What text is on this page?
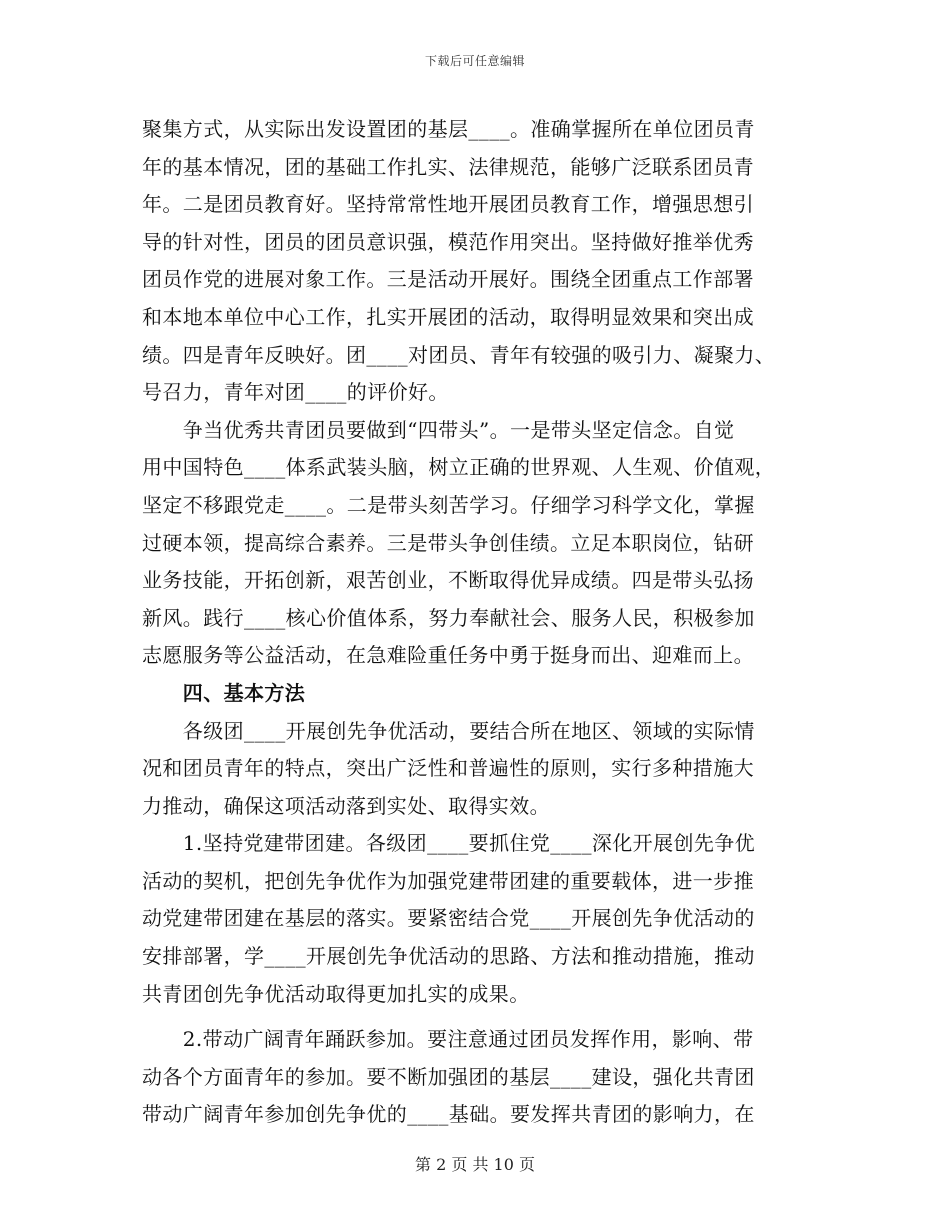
下载后可任意编辑
聚集方式，从实际出发设置团的基层____。准确掌握所在单位团员青
年的基本情况，团的基础工作扎实、法律规范，能够广泛联系团员青
年。二是团员教育好。坚持常常性地开展团员教育工作，增强思想引
导的针对性，团员的团员意识强，模范作用突出。坚持做好推举优秀
团员作党的进展对象工作。三是活动开展好。围绕全团重点工作部署
和本地本单位中心工作，扎实开展团的活动，取得明显效果和突出成
绩。四是青年反映好。团____对团员、青年有较强的吸引力、凝聚力、
号召力，青年对团____的评价好。
　　争当优秀共青团员要做到“四带头”。一是带头坚定信念。自觉
用中国特色____体系武装头脑，树立正确的世界观、人生观、价值观，
坚定不移跟党走____。二是带头刻苦学习。仔细学习科学文化，掌握
过硬本领，提高综合素养。三是带头争创佳绩。立足本职岗位，钻研
业务技能，开拓创新，艰苦创业，不断取得优异成绩。四是带头弘扬
新风。践行____核心价值体系，努力奉献社会、服务人民，积极参加
志愿服务等公益活动，在急难险重任务中勇于挺身而出、迎难而上。
　　四、基本方法
　　各级团____开展创先争优活动，要结合所在地区、领域的实际情
况和团员青年的特点，突出广泛性和普遍性的原则，实行多种措施大
力推动，确保这项活动落到实处、取得实效。
　　1.坚持党建带团建。各级团____要抓住党____深化开展创先争优
活动的契机，把创先争优作为加强党建带团建的重要载体，进一步推
动党建带团建在基层的落实。要紧密结合党____开展创先争优活动的
安排部署，学____开展创先争优活动的思路、方法和推动措施，推动
共青团创先争优活动取得更加扎实的成果。
　　2.带动广阔青年踊跃参加。要注意通过团员发挥作用，影响、带
动各个方面青年的参加。要不断加强团的基层____建设，强化共青团
带动广阔青年参加创先争优的____基础。要发挥共青团的影响力，在
第 2 页 共 10 页
